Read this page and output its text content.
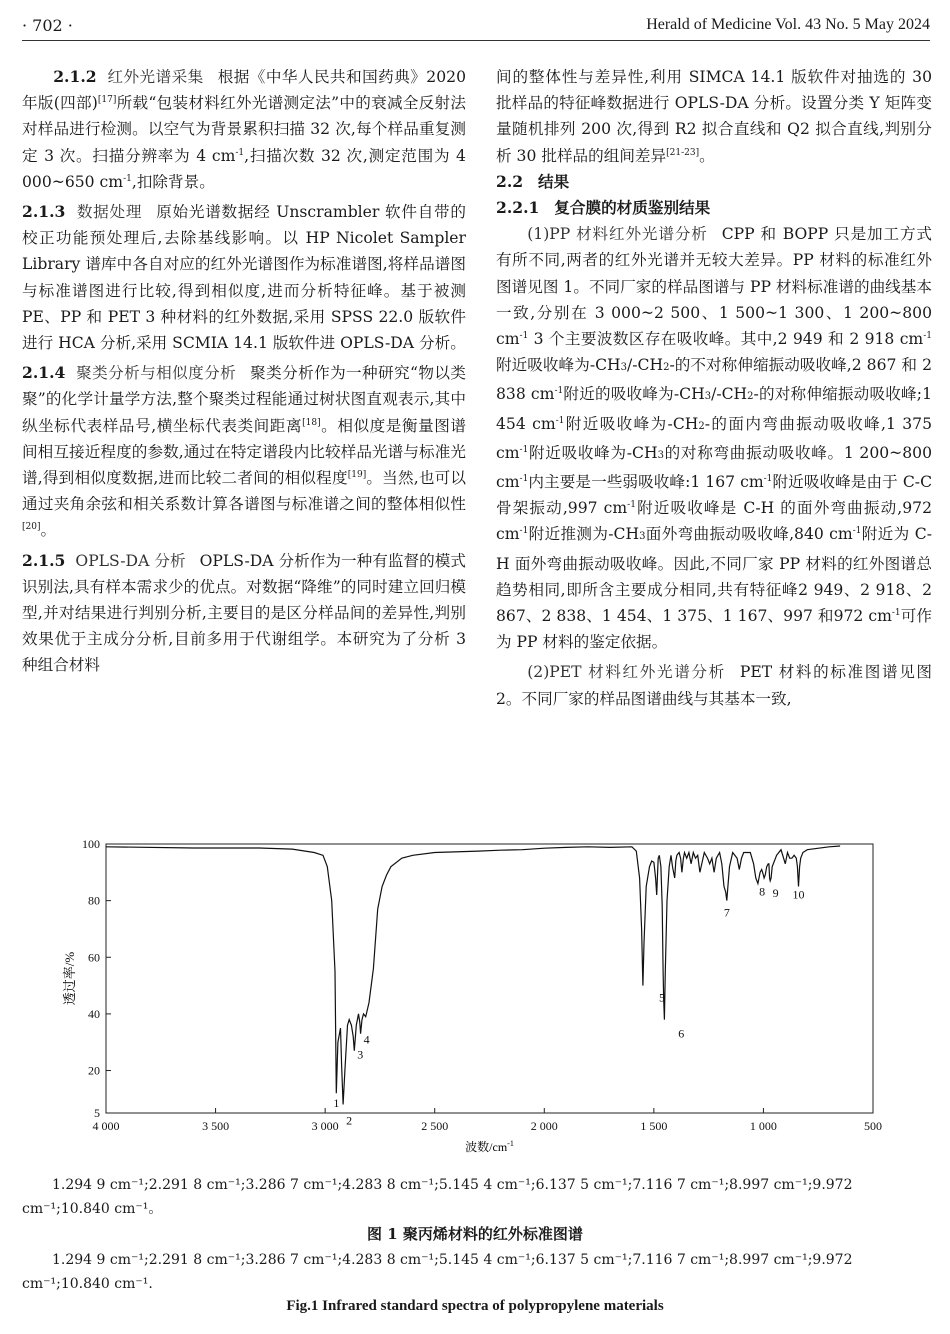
· 702 ·	Herald of Medicine Vol. 43 No. 5 May 2024

2.1.2 红外光谱采集 根据《中华人民共和国药典》2020 年版(四部)[17]所载“包装材料红外光谱测定法”中的衰减全反射法对样品进行检测。以空气为背景累积扫描 32 次,每个样品重复测定 3 次。扫描分辨率为 4 $cm^{-1}$,扫描次数 32 次,测定范围为 4 000~650 $cm^{-1}$,扣除背景。

2.1.3 数据处理 原始光谱数据经 Unscrambler 软件自带的校正功能预处理后,去除基线影响。以 HP Nicolet Sampler Library 谱库中各自对应的红外光谱图作为标准谱图,将样品谱图与标准谱图进行比较,得到相似度,进而分析特征峰。基于被测 PE、PP 和 PET 3 种材料的红外数据,采用 SPSS 22.0 版软件进行 HCA 分析,采用 SCMIA 14.1 版软件进 OPLS-DA 分析。

2.1.4 聚类分析与相似度分析 聚类分析作为一种研究“物以类聚”的化学计量学方法,整个聚类过程能通过树状图直观表示,其中纵坐标代表样品号,横坐标代表类间距离[18]。相似度是衡量图谱间相互接近程度的参数,通过在特定谱段内比较样品光谱与标准光谱,得到相似度数据,进而比较二者间的相似程度[19]。当然,也可以通过夹角余弦和相关系数计算各谱图与标准谱之间的整体相似性[20]。

2.1.5 OPLS-DA 分析 OPLS-DA 分析作为一种有监督的模式识别法,具有样本需求少的优点。对数据“降维”的同时建立回归模型,并对结果进行判别分析,主要目的是区分样品间的差异性,判别效果优于主成分分析,目前多用于代谢组学。本研究为了分析 3 种组合材料

间的整体性与差异性,利用 SIMCA 14.1 版软件对抽选的 30 批样品的特征峰数据进行 OPLS-DA 分析。设置分类 Y 矩阵变量随机排列 200 次,得到 R2 拟合直线和 Q2 拟合直线,判别分析 30 批样品的组间差异[21-23]。

2.2 结果

2.2.1 复合膜的材质鉴别结果

(1)PP 材料红外光谱分析 CPP 和 BOPP 只是加工方式有所不同,两者的红外光谱并无较大差异。PP 材料的标准红外图谱见图 1。不同厂家的样品图谱与 PP 材料标准谱的曲线基本一致,分别在 3 000~2 500、1 500~1 300、1 200~800 $cm^{-1}$ 3 个主要波数区存在吸收峰。其中,2 949 和 2 918 $cm^{-1}$附近吸收峰为-CH3/-CH2-的不对称伸缩振动吸收峰,2 867 和 2 838 $cm^{-1}$附近的吸收峰为-CH3/-CH2-的对称伸缩振动吸收峰;1 454 $cm^{-1}$附近吸收峰为-CH2-的面内弯曲振动吸收峰,1 375 $cm^{-1}$附近吸收峰为-CH3的对称弯曲振动吸收峰。1 200~800 $cm^{-1}$内主要是一些弱吸收峰:1 167 $cm^{-1}$附近吸收峰是由于 C-C 骨架振动,997 $cm^{-1}$附近吸收峰是 C-H 的面外弯曲振动,972 $cm^{-1}$附近推测为-CH3面外弯曲振动吸收峰,840 $cm^{-1}$附近为 C-H 面外弯曲振动吸收峰。因此,不同厂家 PP 材料的红外图谱总趋势相同,即所含主要成分相同,共有特征峰2 949、2 918、2 867、2 838、1 454、1 375、1 167、997 和972 $cm^{-1}$可作为 PP 材料的鉴定依据。

(2)PET 材料红外光谱分析 PET 材料的标准图谱见图 2。不同厂家的样品图谱曲线与其基本一致,

4 000	3 500	3 000	2 500	2 000	1 500	1 000	500
5
20
40
60
80
100
1
2
3
4
5
6
7
8 9 10
透过率/%
波数$/cm^{-1}$
1.294 9 cm⁻¹;2.291 8 cm⁻¹;3.286 7 cm⁻¹;4.283 8 cm⁻¹;5.145 4 cm⁻¹;6.137 5 cm⁻¹;7.116 7 cm⁻¹;8.997 cm⁻¹;9.972 cm⁻¹;10.840 cm⁻¹。
图 1 聚丙烯材料的红外标准图谱
1.294 9 cm⁻¹;2.291 8 cm⁻¹;3.286 7 cm⁻¹;4.283 8 cm⁻¹;5.145 4 cm⁻¹;6.137 5 cm⁻¹;7.116 7 cm⁻¹;8.997 cm⁻¹;9.972 cm⁻¹;10.840 cm⁻¹.
Fig.1 Infrared standard spectra of polypropylene materials
